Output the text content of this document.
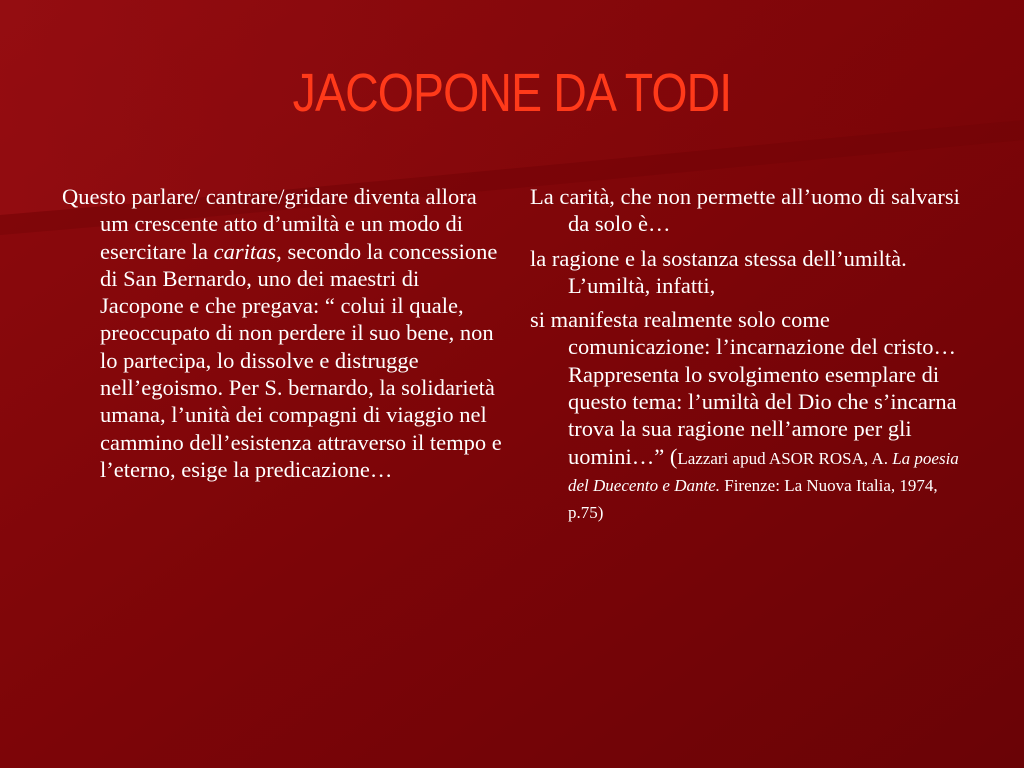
JACOPONE DA TODI

Questo parlare/ cantrare/gridare diventa allora um crescente atto d’umiltà e un modo di esercitare la caritas, secondo la concessione di San Bernardo, uno dei maestri di Jacopone e che pregava: “ colui il quale, preoccupato di non perdere il suo bene, non lo partecipa, lo dissolve e distrugge nell’egoismo. Per S. bernardo, la solidarietà umana, l’unità dei compagni di viaggio nel cammino dell’esistenza attraverso il tempo e l’eterno, esige la predicazione…

La carità, che non permette all’uomo di salvarsi da solo è…

la ragione e la sostanza stessa dell’umiltà. L’umiltà, infatti,

si manifesta realmente solo come comunicazione: l’incarnazione del cristo… Rappresenta lo svolgimento esemplare di questo tema: l’umiltà del Dio che s’incarna trova la sua ragione nell’amore per gli uomini…” (Lazzari apud ASOR ROSA, A. La poesia del Duecento e Dante. Firenze: La Nuova Italia, 1974, p.75)
